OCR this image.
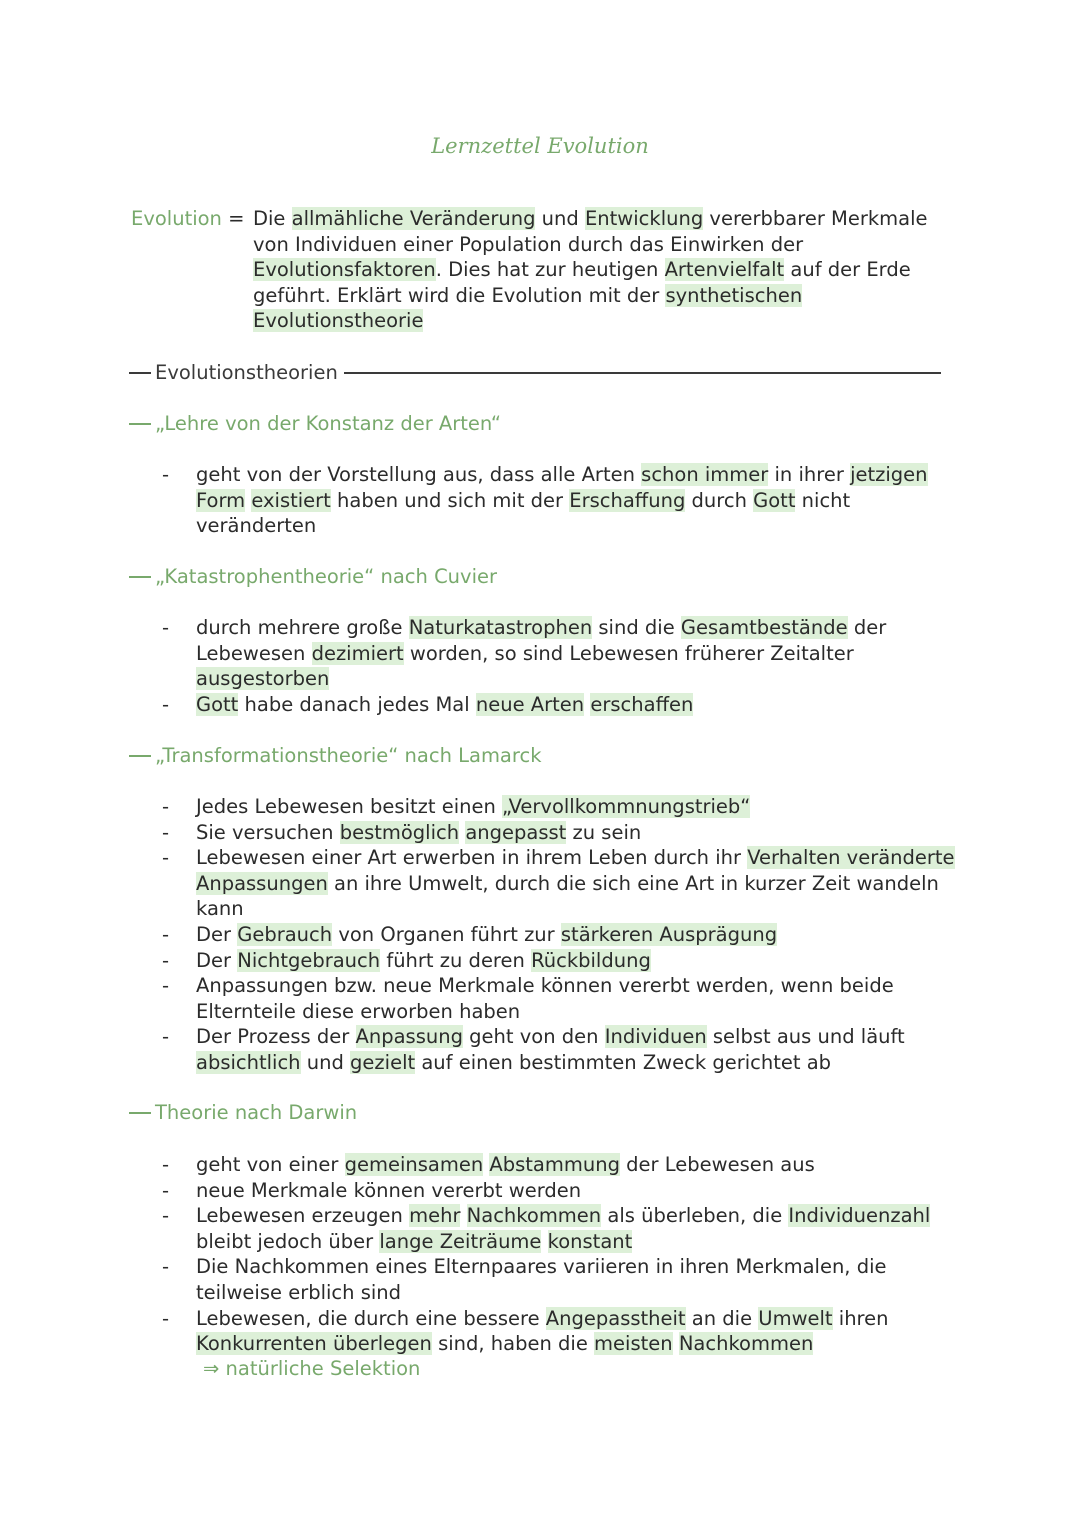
Lernzettel Evolution
Evolution = Die allmähliche Veränderung und Entwicklung vererbbarer Merkmale von Individuen einer Population durch das Einwirken der Evolutionsfaktoren. Dies hat zur heutigen Artenvielfalt auf der Erde geführt. Erklärt wird die Evolution mit der synthetischen Evolutionstheorie
Evolutionstheorien
„Lehre von der Konstanz der Arten“
- geht von der Vorstellung aus, dass alle Arten schon immer in ihrer jetzigen Form existiert haben und sich mit der Erschaffung durch Gott nicht veränderten
„Katastrophentheorie“ nach Cuvier
- durch mehrere große Naturkatastrophen sind die Gesamtbestände der Lebewesen dezimiert worden, so sind Lebewesen früherer Zeitalter ausgestorben
- Gott habe danach jedes Mal neue Arten erschaffen
„Transformationstheorie“ nach Lamarck
- Jedes Lebewesen besitzt einen „Vervollkommnungstrieb“
- Sie versuchen bestmöglich angepasst zu sein
- Lebewesen einer Art erwerben in ihrem Leben durch ihr Verhalten veränderte Anpassungen an ihre Umwelt, durch die sich eine Art in kurzer Zeit wandeln kann
- Der Gebrauch von Organen führt zur stärkeren Ausprägung
- Der Nichtgebrauch führt zu deren Rückbildung
- Anpassungen bzw. neue Merkmale können vererbt werden, wenn beide Elternteile diese erworben haben
- Der Prozess der Anpassung geht von den Individuen selbst aus und läuft absichtlich und gezielt auf einen bestimmten Zweck gerichtet ab
Theorie nach Darwin
- geht von einer gemeinsamen Abstammung der Lebewesen aus
- neue Merkmale können vererbt werden
- Lebewesen erzeugen mehr Nachkommen als überleben, die Individuenzahl bleibt jedoch über lange Zeiträume konstant
- Die Nachkommen eines Elternpaares variieren in ihren Merkmalen, die teilweise erblich sind
- Lebewesen, die durch eine bessere Angepasstheit an die Umwelt ihren Konkurrenten überlegen sind, haben die meisten Nachkommen
⇒ natürliche Selektion
